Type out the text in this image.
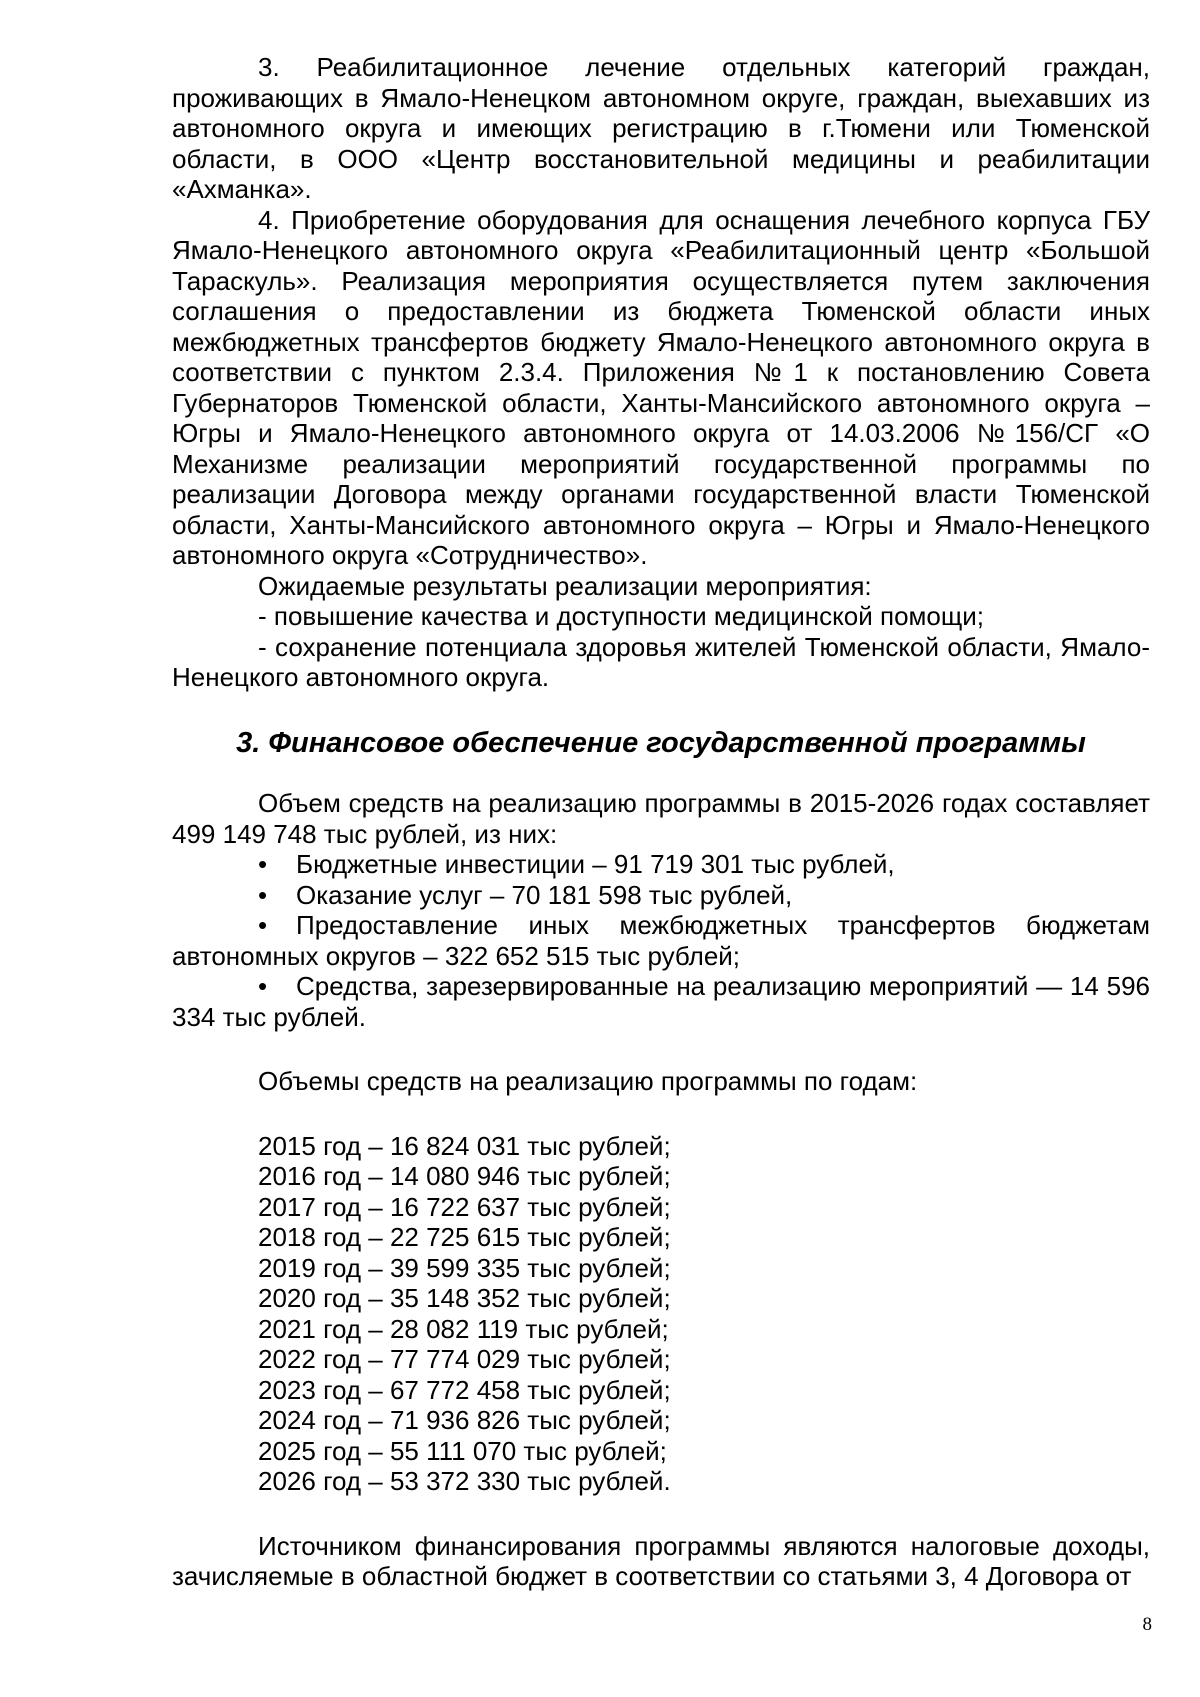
3. Реабилитационное лечение отдельных категорий граждан, проживающих в Ямало-Ненецком автономном округе, граждан, выехавших из автономного округа и имеющих регистрацию в г.Тюмени или Тюменской области, в ООО «Центр восстановительной медицины и реабилитации «Ахманка».

4. Приобретение оборудования для оснащения лечебного корпуса ГБУ Ямало-Ненецкого автономного округа «Реабилитационный центр «Большой Тараскуль». Реализация мероприятия осуществляется путем заключения соглашения о предоставлении из бюджета Тюменской области иных межбюджетных трансфертов бюджету Ямало-Ненецкого автономного округа в соответствии с пунктом 2.3.4. Приложения №1 к постановлению Совета Губернаторов Тюменской области, Ханты-Мансийского автономного округа – Югры и Ямало-Ненецкого автономного округа от 14.03.2006 №156/СГ «О Механизме реализации мероприятий государственной программы по реализации Договора между органами государственной власти Тюменской области, Ханты-Мансийского автономного округа – Югры и Ямало-Ненецкого автономного округа «Сотрудничество».

Ожидаемые результаты реализации мероприятия:

- повышение качества и доступности медицинской помощи;

- сохранение потенциала здоровья жителей Тюменской области, Ямало-Ненецкого автономного округа.

3. Финансовое обеспечение государственной программы

Объем средств на реализацию программы в 2015-2026 годах составляет 499 149 748 тыс рублей, из них:

• Бюджетные инвестиции – 91 719 301 тыс рублей,

• Оказание услуг – 70 181 598 тыс рублей,

• Предоставление иных межбюджетных трансфертов бюджетам автономных округов – 322 652 515 тыс рублей;

• Средства, зарезервированные на реализацию мероприятий — 14 596 334 тыс рублей.

Объемы средств на реализацию программы по годам:

2015 год – 16 824 031 тыс рублей;
2016 год – 14 080 946 тыс рублей;
2017 год – 16 722 637 тыс рублей;
2018 год – 22 725 615 тыс рублей;
2019 год – 39 599 335 тыс рублей;
2020 год – 35 148 352 тыс рублей;
2021 год – 28 082 119 тыс рублей;
2022 год – 77 774 029 тыс рублей;
2023 год – 67 772 458 тыс рублей;
2024 год – 71 936 826 тыс рублей;
2025 год – 55 111 070 тыс рублей;
2026 год – 53 372 330 тыс рублей.

Источником финансирования программы являются налоговые доходы, зачисляемые в областной бюджет в соответствии со статьями 3, 4 Договора от

8
